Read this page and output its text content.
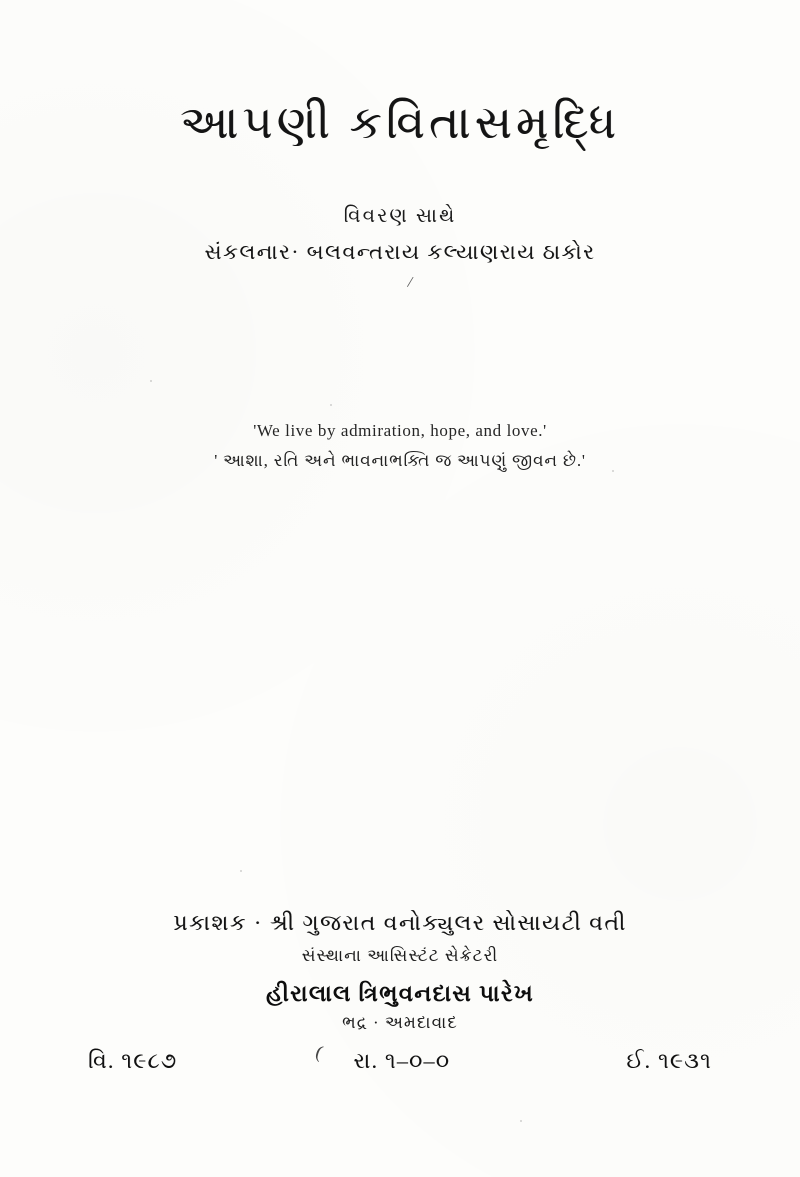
આ૫ણી કવિતાસમૃદ્ધિ
વિવરણ સાથે
સંકલનાર· બલવન્તરાય કલ્યાણરાય ઠાકોર
/
'We live by admiration, hope, and love.'
' આશા, રતિ અને ભાવનાભક્તિ જ આપણું જીવન છે.'
પ્રકાશક · શ્રી ગુજરાત વનોક્યુલર સોસાયટી વતી
સંસ્થાના આસિસ્ટંટ સેક્રેટરી
હીરાલાલ ત્રિભુવનદાસ પારેખ
ભદ્ર · અમદાવાદ
વિ. ૧૯૮૭	( રા. ૧–૦–૦	ઈ. ૧૯૩૧
